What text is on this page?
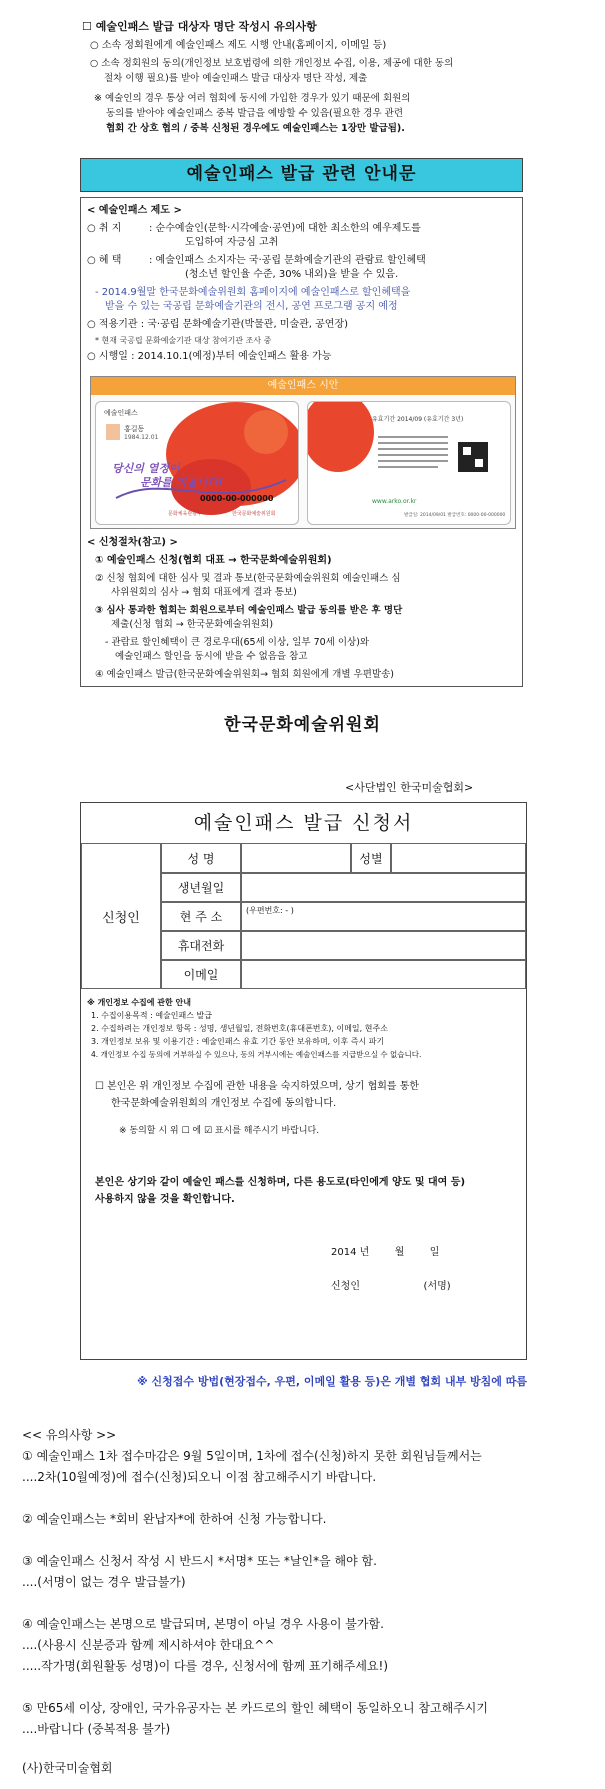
☐ 예술인패스 발급 대상자 명단 작성시 유의사항
○ 소속 정회원에게 예술인패스 제도 시행 안내(홈페이지, 이메일 등)
○ 소속 정회원의 동의(개인정보 보호법령에 의한 개인정보 수집, 이용, 제공에 대한 동의
절차 이행 필요)를 받아 예술인패스 발급 대상자 명단 작성, 제출
※ 예술인의 경우 통상 여러 협회에 동시에 가입한 경우가 있기 때문에 회원의
동의를 받아야 예술인패스 중복 발급을 예방할 수 있음(필요한 경우 관련
협회 간 상호 협의 / 중복 신청된 경우에도 예술인패스는 1장만 발급됨).
예술인패스 발급 관련 안내문
< 예술인패스 제도 >
○ 취 지	: 순수예술인(문학·시각예술·공연)에 대한 최소한의 예우제도를
도입하여 자긍심 고취
○ 혜 택	: 예술인패스 소지자는 국·공립 문화예술기관의 관람료 할인혜택
(청소년 할인율 수준, 30% 내외)을 받을 수 있음.
- 2014.9월말 한국문화예술위원회 홈페이지에 예술인패스로 할인혜택을
받을 수 있는 국공립 문화예술기관의 전시, 공연 프로그램 공지 예정
○ 적용기관 : 국·공립 문화예술기관(박물관, 미술관, 공연장)
* 현재 국공립 문화예술기관 대상 참여기관 조사 중
○ 시행일 : 2014.10.1(예정)부터 예술인패스 활용 가능
< 신청절차(참고) >
① 예술인패스 신청(협회 대표 → 한국문화예술위원회)
② 신청 협회에 대한 심사 및 결과 통보(한국문화예술위원회 예술인패스 심
사위원회의 심사 → 협회 대표에게 결과 통보)
③ 심사 통과한 협회는 회원으로부터 예술인패스 발급 동의를 받은 후 명단
제출(신청 협회 → 한국문화예술위원회)
- 관람료 할인혜택이 큰 경로우대(65세 이상, 일부 70세 이상)와
예술인패스 할인을 동시에 받을 수 없음을 참고
④ 예술인패스 발급(한국문화예술위원회→ 협회 회원에게 개별 우편발송)
예술인패스 시안
예술인패스
홍길동
1984.12.01
당신의 열정이
문화를 피웁니다!
0000-00-000000
문화체육관광부	한국문화예술위원회
유효기간 2014/09 (유효기간 3년)
www.arko.or.kr
발급일: 2014/09/01 발급번호: 0000-00-000000
한국문화예술위원회
<사단법인 한국미술협회>
예술인패스 발급 신청서
신청인
성 명	성별
생년월일
현 주 소	(우편번호: - )
휴대전화
이메일
※ 개인정보 수집에 관한 안내
1. 수집이용목적 : 예술인패스 발급
2. 수집하려는 개인정보 항목 : 성명, 생년월일, 전화번호(휴대폰번호), 이메일, 현주소
3. 개인정보 보유 및 이용기간 : 예술인패스 유효 기간 동안 보유하며, 이후 즉시 파기
4. 개인정보 수집 동의에 거부하실 수 있으나, 동의 거부시에는 예술인패스를 지급받으실 수 없습니다.
☐ 본인은 위 개인정보 수집에 관한 내용을 숙지하였으며, 상기 협회를 통한
한국문화예술위원회의 개인정보 수집에 동의합니다.
※ 동의할 시 위 ☐ 에 ☑ 표시를 해주시기 바랍니다.
본인은 상기와 같이 예술인 패스를 신청하며, 다른 용도로(타인에게 양도 및 대여 등)
사용하지 않을 것을 확인합니다.
2014 년        월        일
신청인                    (서명)
※ 신청접수 방법(현장접수, 우편, 이메일 활용 등)은 개별 협회 내부 방침에 따름
<< 유의사항 >>
① 예술인패스 1차 접수마감은 9월 5일이며, 1차에 접수(신청)하지 못한 회원님들께서는
....2차(10월예정)에 접수(신청)되오니 이점 참고해주시기 바랍니다.
② 예술인패스는 *회비 완납자*에 한하여 신청 가능합니다.
③ 예술인패스 신청서 작성 시 반드시 *서명* 또는 *날인*을 해야 함.
....(서명이 없는 경우 발급불가)
④ 예술인패스는 본명으로 발급되며, 본명이 아닐 경우 사용이 불가함.
....(사용시 신분증과 함께 제시하셔야 한대요^^
.....작가명(회원활동 성명)이 다를 경우, 신청서에 함께 표기해주세요!)
⑤ 만65세 이상, 장애인, 국가유공자는 본 카드로의 할인 혜택이 동일하오니 참고해주시기
....바랍니다 (중복적용 불가)
(사)한국미술협회
